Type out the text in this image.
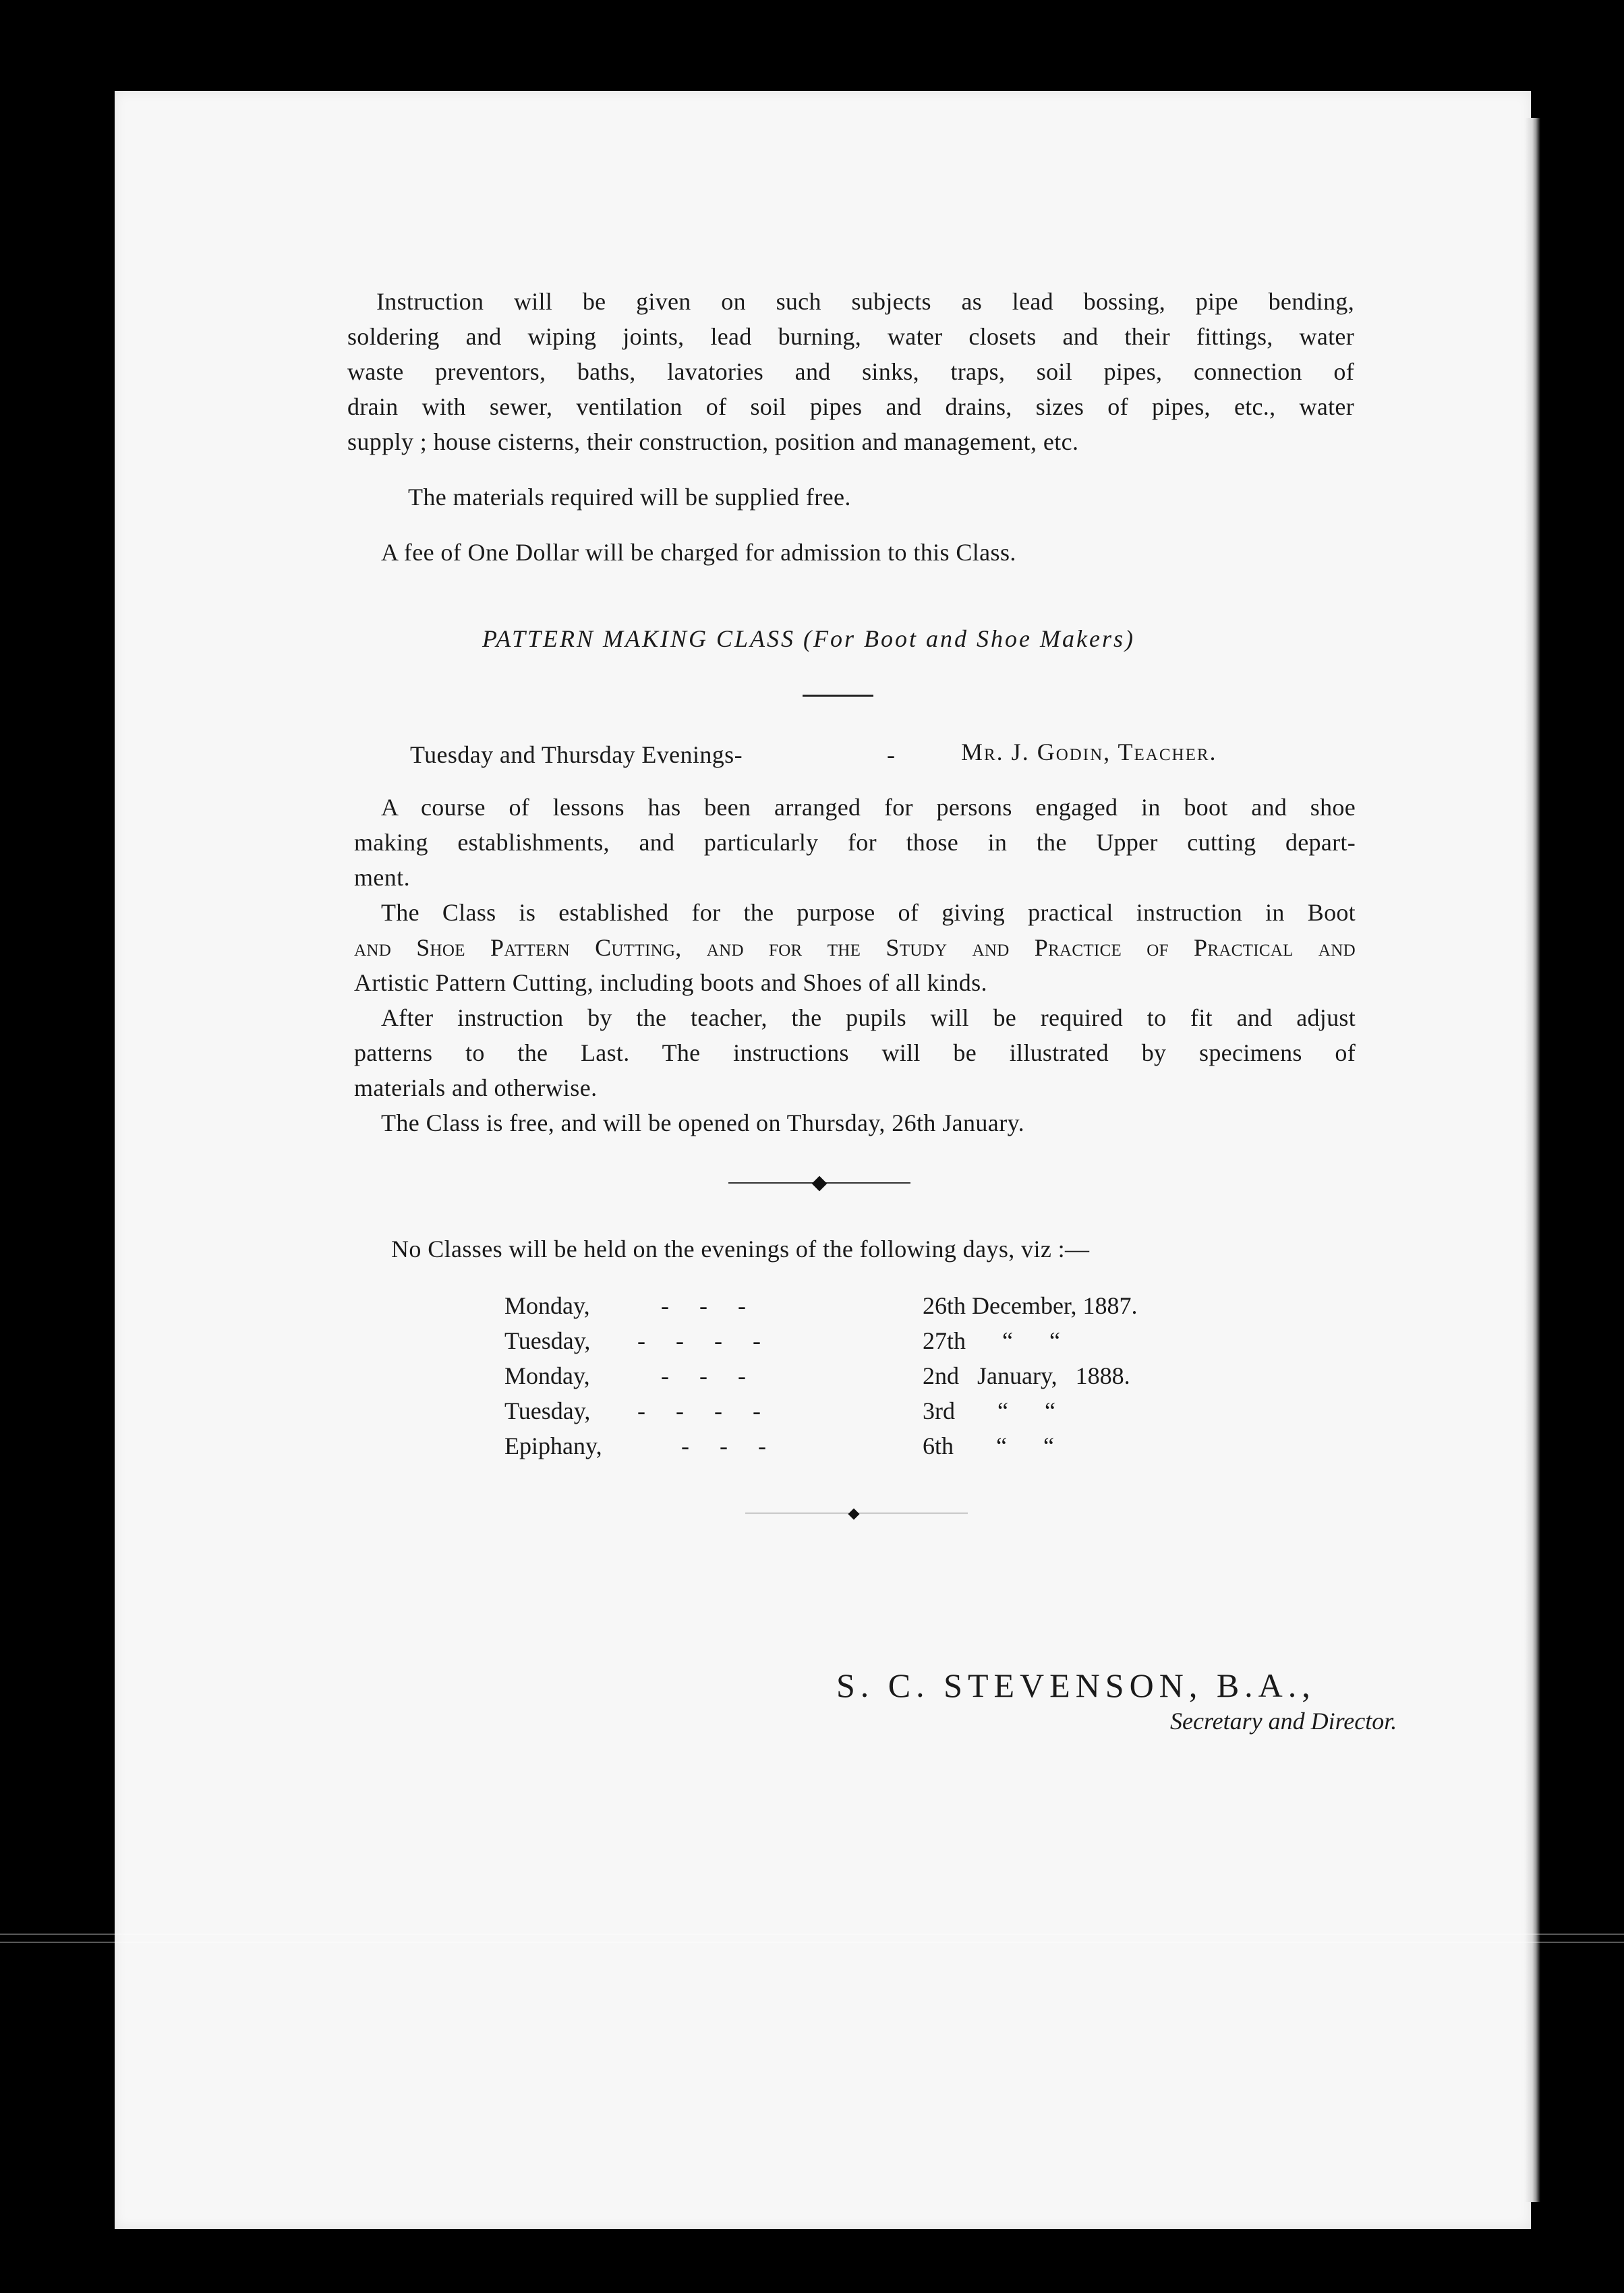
Instruction will be given on such subjects as lead bossing, pipe bending,
soldering and wiping joints, lead burning, water closets and their fittings, water
waste preventors, baths, lavatories and sinks, traps, soil pipes, connection of
drain with sewer, ventilation of soil pipes and drains, sizes of pipes, etc., water
supply ; house cisterns, their construction, position and management, etc.
The materials required will be supplied free.
A fee of One Dollar will be charged for admission to this Class.
PATTERN MAKING CLASS (For Boot and Shoe Makers)
Tuesday and Thursday Evenings-	-	Mr. J. Godin, Teacher.
A course of lessons has been arranged for persons engaged in boot and shoe
making establishments, and particularly for those in the Upper cutting depart-
ment.
The Class is established for the purpose of giving practical instruction in Boot
and Shoe Pattern Cutting, and for the Study and Practice of Practical and
Artistic Pattern Cutting, including boots and Shoes of all kinds.
After instruction by the teacher, the pupils will be required to fit and adjust
patterns to the Last. The instructions will be illustrated by specimens of
materials and otherwise.
The Class is free, and will be opened on Thursday, 26th January.
No Classes will be held on the evenings of the following days, viz :—
Monday,	-     -     -	26th December, 1887.
Tuesday, -     -     -     -	27th      “      “
Monday,	-     -     -	2nd   January,   1888.
Tuesday, -     -     -     -	3rd       “      “
Epiphany,	-     -     -	6th       “      “
S. C. STEVENSON, B.A.,
Secretary and Director.
